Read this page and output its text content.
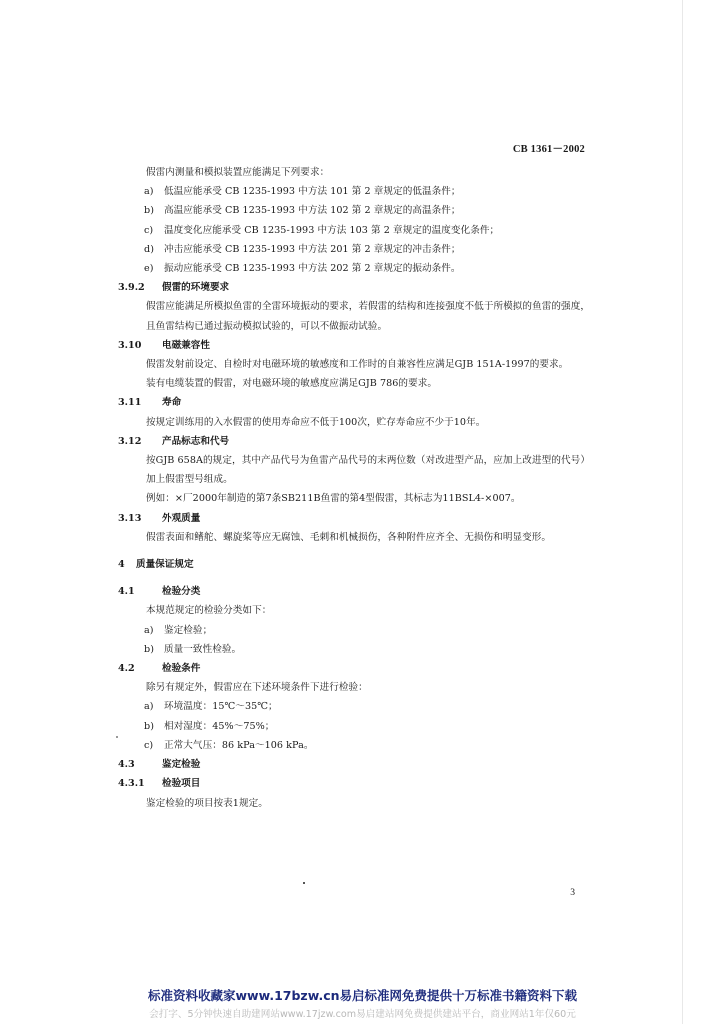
CB 1361－2002
假雷内测量和模拟装置应能满足下列要求：
a) 低温应能承受 CB 1235-1993 中方法 101 第 2 章规定的低温条件；
b) 高温应能承受 CB 1235-1993 中方法 102 第 2 章规定的高温条件；
c) 温度变化应能承受 CB 1235-1993 中方法 103 第 2 章规定的温度变化条件；
d) 冲击应能承受 CB 1235-1993 中方法 201 第 2 章规定的冲击条件；
e) 振动应能承受 CB 1235-1993 中方法 202 第 2 章规定的振动条件。
3.9.2 假雷的环境要求
假雷应能满足所模拟鱼雷的全雷环境振动的要求，若假雷的结构和连接强度不低于所模拟的鱼雷的强度，且鱼雷结构已通过振动模拟试验的，可以不做振动试验。
3.10 电磁兼容性
假雷发射前设定、自检时对电磁环境的敏感度和工作时的自兼容性应满足GJB 151A-1997的要求。
装有电缆装置的假雷，对电磁环境的敏感度应满足GJB 786的要求。
3.11 寿命
按规定训练用的入水假雷的使用寿命应不低于100次，贮存寿命应不少于10年。
3.12 产品标志和代号
按GJB 658A的规定，其中产品代号为鱼雷产品代号的末两位数（对改进型产品，应加上改进型的代号）加上假雷型号组成。
例如：×厂2000年制造的第7条SB211B鱼雷的第4型假雷，其标志为11BSL4-×007。
3.13 外观质量
假雷表面和鳍舵、螺旋桨等应无腐蚀、毛刺和机械损伤，各种附件应齐全、无损伤和明显变形。
4 质量保证规定
4.1	检验分类
本规范规定的检验分类如下：
a) 鉴定检验；
b) 质量一致性检验。
4.2	检验条件
除另有规定外，假雷应在下述环境条件下进行检验：
a) 环境温度：15℃～35℃；
b) 相对湿度：45%～75%；
c) 正常大气压：86 kPa～106 kPa。
4.3	鉴定检验
4.3.1 检验项目
鉴定检验的项目按表1规定。
3
标准资料收藏家www.17bzw.cn易启标准网免费提供十万标准书籍资料下载
会打字、5分钟快速自助建网站www.17jzw.com易启建站网免费提供建站平台，商业网站1年仅60元
